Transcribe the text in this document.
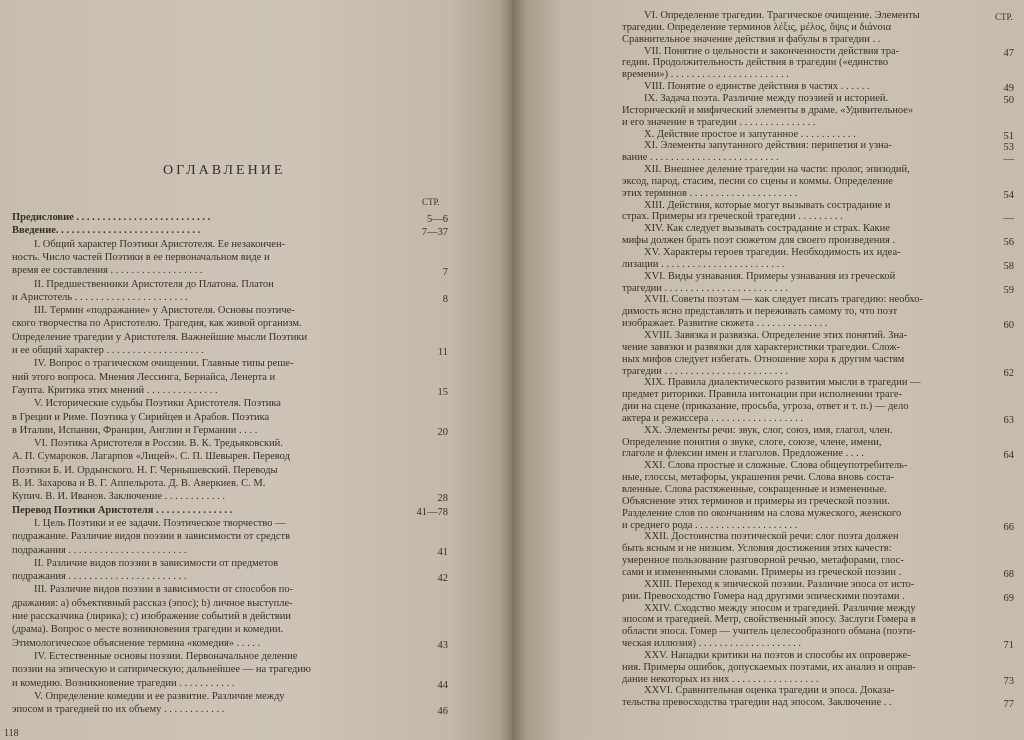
ОГЛАВЛЕНИЕ
СТР.
Предисловие . . . . . . . . . . . . . . . . . . . . . . . . . .
Введение. . . . . . . . . . . . . . . . . . . . . . . . . . . .
I. Общий характер Поэтики Аристотеля. Ее незакончен-
ность. Число частей Поэтики в ее первоначальном виде и
время ее составления . . . . . . . . . . . . . . . . . .
II. Предшественники Аристотеля до Платона. Платон
и Аристотель . . . . . . . . . . . . . . . . . . . . . .
III. Термин «подражание» у Аристотеля. Основы поэтиче-
ского творчества по Аристотелю. Трагедия, как живой организм.
Определение трагедии у Аристотеля. Важнейшие мысли Поэтики
и ее общий характер . . . . . . . . . . . . . . . . . . .
IV. Вопрос о трагическом очищении. Главные типы реше-
ний этого вопроса. Мнения Лессинга, Бернайса, Ленерта и
Гаупта. Критика этих мнений . . . . . . . . . . . . . .
V. Исторические судьбы Поэтики Аристотеля. Поэтика
в Греции и Риме. Поэтика у Сирийцев и Арабов. Поэтика
в Италии, Испании, Франции, Англии и Германии . . . .
VI. Поэтика Аристотеля в России. В. К. Тредьяковский.
А. П. Сумароков. Лагарпов «Лицей». С. П. Шевырев. Перевод
Поэтики Б. И. Ордынского. Н. Г. Чернышевский. Переводы
В. И. Захарова и В. Г. Аппельрота. Д. В. Аверкиев. С. М.
Купич. В. И. Иванов. Заключение . . . . . . . . . . . .
Перевод Поэтики Аристотеля . . . . . . . . . . . . . . .
I. Цель Поэтики и ее задачи. Поэтическое творчество —
подражание. Различие видов поэзии в зависимости от средств
подражания . . . . . . . . . . . . . . . . . . . . . . .
II. Различие видов поэзии в зависимости от предметов
подражания . . . . . . . . . . . . . . . . . . . . . . .
III. Различие видов поэзии в зависимости от способов по-
дражания: а) объективный рассказ (эпос); b) личное выступле-
ние рассказчика (лирика); с) изображение событий в действии
(драма). Вопрос о месте возникновения трагедии и комедии.
Этимологическое объяснение термина «комедия» . . . . .
IV. Естественные основы поэзии. Первоначальное деление
поэзии на эпическую и сатирическую; дальнейшее — на трагедию
и комедию. Возникновение трагедии . . . . . . . . . . .
V. Определение комедии и ее развитие. Различие между
эпосом и трагедией по их объему . . . . . . . . . . . .
5—6
7—37
7
8
11
15
20
28
41—78
41
42
43
44
46
118
VI. Определение трагедии. Трагическое очищение. Элементы
трагедии. Определение терминов λέξις, μέλος, ὄψις и διάνοια
Сравнительное значение действия и фабулы в трагедии . .
VII. Понятие о цельности и законченности действия тра-
гедии. Продолжительность действия в трагедии («единство
времени») . . . . . . . . . . . . . . . . . . . . . . .
VIII. Понятие о единстве действия в частях . . . . . .
IX. Задача поэта. Различие между поэзией и историей.
Исторический и мифический элементы в драме. «Удивительное»
и его значение в трагедии . . . . . . . . . . . . . . .
X. Действие простое и запутанное . . . . . . . . . . .
XI. Элементы запутанного действия: перипетия и узна-
вание . . . . . . . . . . . . . . . . . . . . . . . . .
XII. Внешнее деление трагедии на части: пролог, эпизодий,
эксод, парод, стасим, песни со сцены и коммы. Определение
этих терминов . . . . . . . . . . . . . . . . . . . . .
XIII. Действия, которые могут вызывать сострадание и
страх. Примеры из греческой трагедии . . . . . . . . .
XIV. Как следует вызывать сострадание и страх. Какие
мифы должен брать поэт сюжетом для своего произведения .
XV. Характеры героев трагедии. Необходимость их идеа-
лизации . . . . . . . . . . . . . . . . . . . . . . . .
XVI. Виды узнавания. Примеры узнавания из греческой
трагедии . . . . . . . . . . . . . . . . . . . . . . . .
XVII. Советы поэтам — как следует писать трагедию: необхо-
димость ясно представлять и переживать самому то, что поэт
изображает. Развитие сюжета . . . . . . . . . . . . . .
XVIII. Завязка и развязка. Определение этих понятий. Зна-
чение завязки и развязки для характеристики трагедии. Слож-
ных мифов следует избегать. Отношение хора к другим частям
трагедии . . . . . . . . . . . . . . . . . . . . . . . .
XIX. Правила диалектического развития мысли в трагедии —
предмет риторики. Правила интонации при исполнении траге-
дии на сцене (приказание, просьба, угроза, ответ и т. п.) — дело
актера и режиссера . . . . . . . . . . . . . . . . . .
XX. Элементы речи: звук, слог, союз, имя, глагол, член.
Определение понятия о звуке, слоге, союзе, члене, имени,
глаголе и флексии имен и глаголов. Предложение . . . .
XXI. Слова простые и сложные. Слова общеупотребитель-
ные, глоссы, метафоры, украшения речи. Слова вновь соста-
вленные. Слова растяженные, сокращенные и измененные.
Объяснение этих терминов и примеры из греческой поэзии.
Разделение слов по окончаниям на слова мужеского, женского
и среднего рода . . . . . . . . . . . . . . . . . . . .
XXII. Достоинства поэтической речи: слог поэта должен
быть ясным и не низким. Условия достижения этих качеств:
умеренное пользование разговорной речью, метафорами, глос-
сами и измененными словами. Примеры из греческой поэзии .
XXIII. Переход к эпической поэзии. Различие эпоса от исто-
рии. Превосходство Гомера над другими эпическими поэтами .
XXIV. Сходство между эпосом и трагедией. Различие между
эпосом и трагедией. Метр, свойственный эпосу. Заслуги Гомера в
области эпоса. Гомер — учитель целесообразного обмана (поэти-
ческая иллюзия) . . . . . . . . . . . . . . . . . . . .
XXV. Нападки критики на поэтов и способы их опроверже-
ния. Примеры ошибок, допускаемых поэтами, их анализ и оправ-
дание некоторых из них . . . . . . . . . . . . . . . . .
XXVI. Сравнительная оценка трагедии и эпоса. Доказа-
тельства превосходства трагедии над эпосом. Заключение . .
47
49
50
51
53
—
54
—
56
58
59
60
62
63
64
66
68
69
71
73
77
СТР.
